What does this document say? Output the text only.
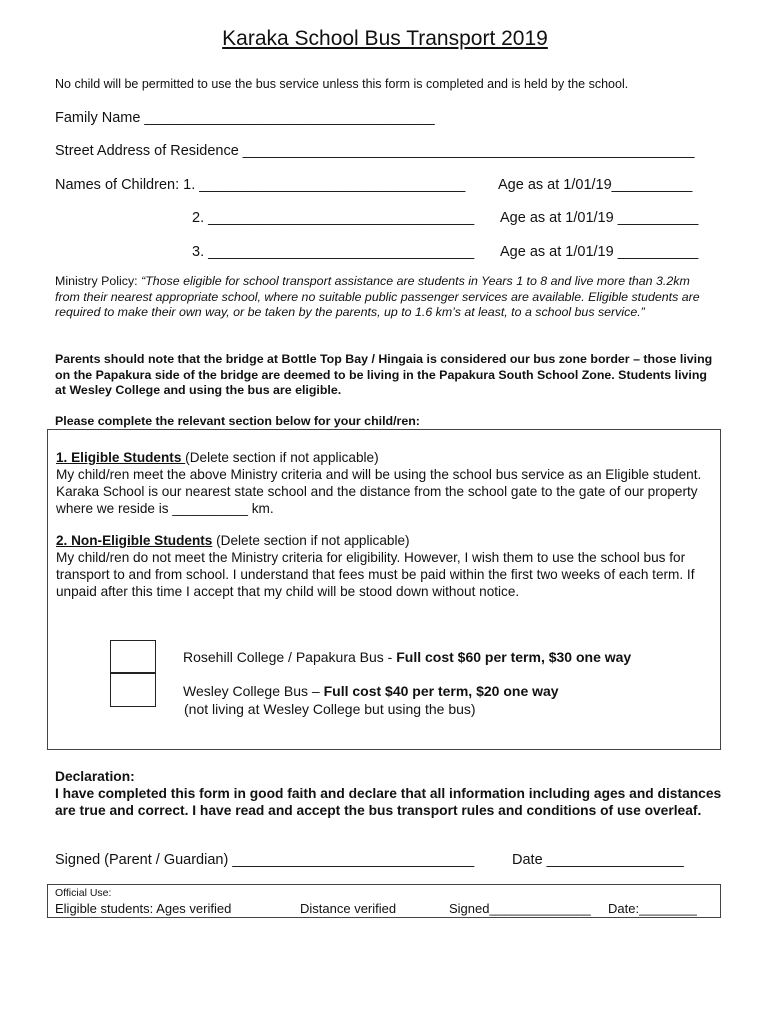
Karaka School Bus Transport 2019
No child will be permitted to use the bus service unless this form is completed and is held by the school.
Family Name ____________________________________
Street Address of Residence ________________________________________________________
Names of Children: 1. _________________________________ Age as at 1/01/19__________
2. _________________________________ Age as at 1/01/19 __________
3. _________________________________ Age as at 1/01/19 __________
Ministry Policy: “Those eligible for school transport assistance are students in Years 1 to 8 and live more than 3.2km from their nearest appropriate school, where no suitable public passenger services are available. Eligible students are required to make their own way, or be taken by the parents, up to 1.6 km’s at least, to a school bus service.”
Parents should note that the bridge at Bottle Top Bay / Hingaia is considered our bus zone border – those living on the Papakura side of the bridge are deemed to be living in the Papakura South School Zone. Students living at Wesley College and using the bus are eligible.
Please complete the relevant section below for your child/ren:
1. Eligible Students (Delete section if not applicable)
My child/ren meet the above Ministry criteria and will be using the school bus service as an Eligible student. Karaka School is our nearest state school and the distance from the school gate to the gate of our property where we reside is __________ km.
2. Non-Eligible Students (Delete section if not applicable)
My child/ren do not meet the Ministry criteria for eligibility. However, I wish them to use the school bus for transport to and from school. I understand that fees must be paid within the first two weeks of each term. If unpaid after this time I accept that my child will be stood down without notice.
Rosehill College / Papakura Bus - Full cost $60 per term, $30 one way
Wesley College Bus – Full cost $40 per term, $20 one way
(not living at Wesley College but using the bus)
Declaration:
I have completed this form in good faith and declare that all information including ages and distances are true and correct. I have read and accept the bus transport rules and conditions of use overleaf.
Signed (Parent / Guardian) ______________________________	Date _________________
Official Use:
Eligible students: Ages verified	Distance verified	Signed______________ Date:________
